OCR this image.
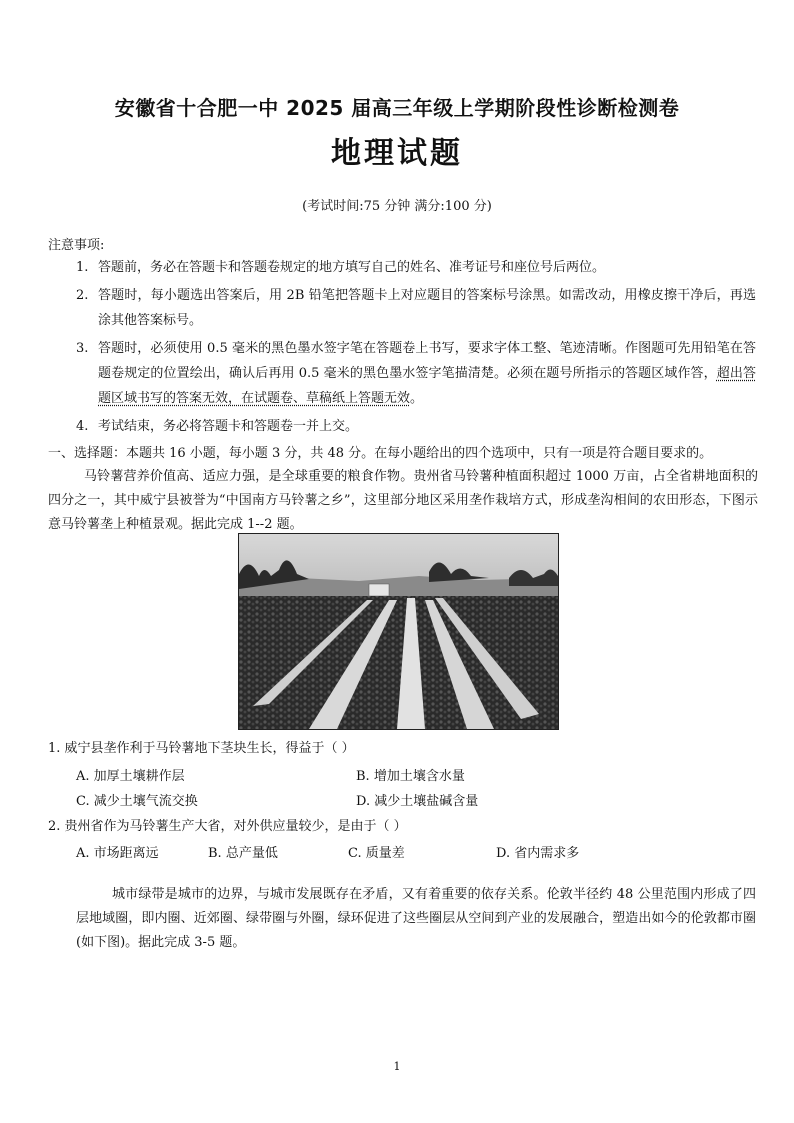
安徽省十合肥一中 2025 届高三年级上学期阶段性诊断检测卷
地理试题
(考试时间:75 分钟 满分:100 分)
注意事项:
1. 答题前，务必在答题卡和答题卷规定的地方填写自己的姓名、准考证号和座位号后两位。
2. 答题时，每小题选出答案后，用 2B 铅笔把答题卡上对应题目的答案标号涂黑。如需改动，用橡皮擦干净后，再选涂其他答案标号。
3. 答题时，必须使用 0.5 毫米的黑色墨水签字笔在答题卷上书写，要求字体工整、笔迹清晰。作图题可先用铅笔在答题卷规定的位置绘出，确认后再用 0.5 毫米的黑色墨水签字笔描清楚。必须在题号所指示的答题区域作答，超出答题区域书写的答案无效，在试题卷、草稿纸上答题无效。
4. 考试结束，务必将答题卡和答题卷一并上交。
一、选择题：本题共 16 小题，每小题 3 分，共 48 分。在每小题给出的四个选项中，只有一项是符合题目要求的。
马铃薯营养价值高、适应力强，是全球重要的粮食作物。贵州省马铃薯种植面积超过 1000 万亩，占全省耕地面积的四分之一，其中威宁县被誉为“中国南方马铃薯之乡”，这里部分地区采用垄作栽培方式，形成垄沟相间的农田形态，下图示意马铃薯垄上种植景观。据此完成 1--2 题。
1. 威宁县垄作利于马铃薯地下茎块生长，得益于（ ）
A. 加厚土壤耕作层	B. 增加土壤含水量
C. 减少土壤气流交换	D. 减少土壤盐碱含量
2. 贵州省作为马铃薯生产大省，对外供应量较少，是由于（ ）
A. 市场距离远	B. 总产量低	C. 质量差	D. 省内需求多
城市绿带是城市的边界，与城市发展既存在矛盾，又有着重要的依存关系。伦敦半径约 48 公里范围内形成了四层地域圈，即内圈、近郊圈、绿带圈与外圈，绿环促进了这些圈层从空间到产业的发展融合，塑造出如今的伦敦都市圈(如下图)。据此完成 3-5 题。
1
